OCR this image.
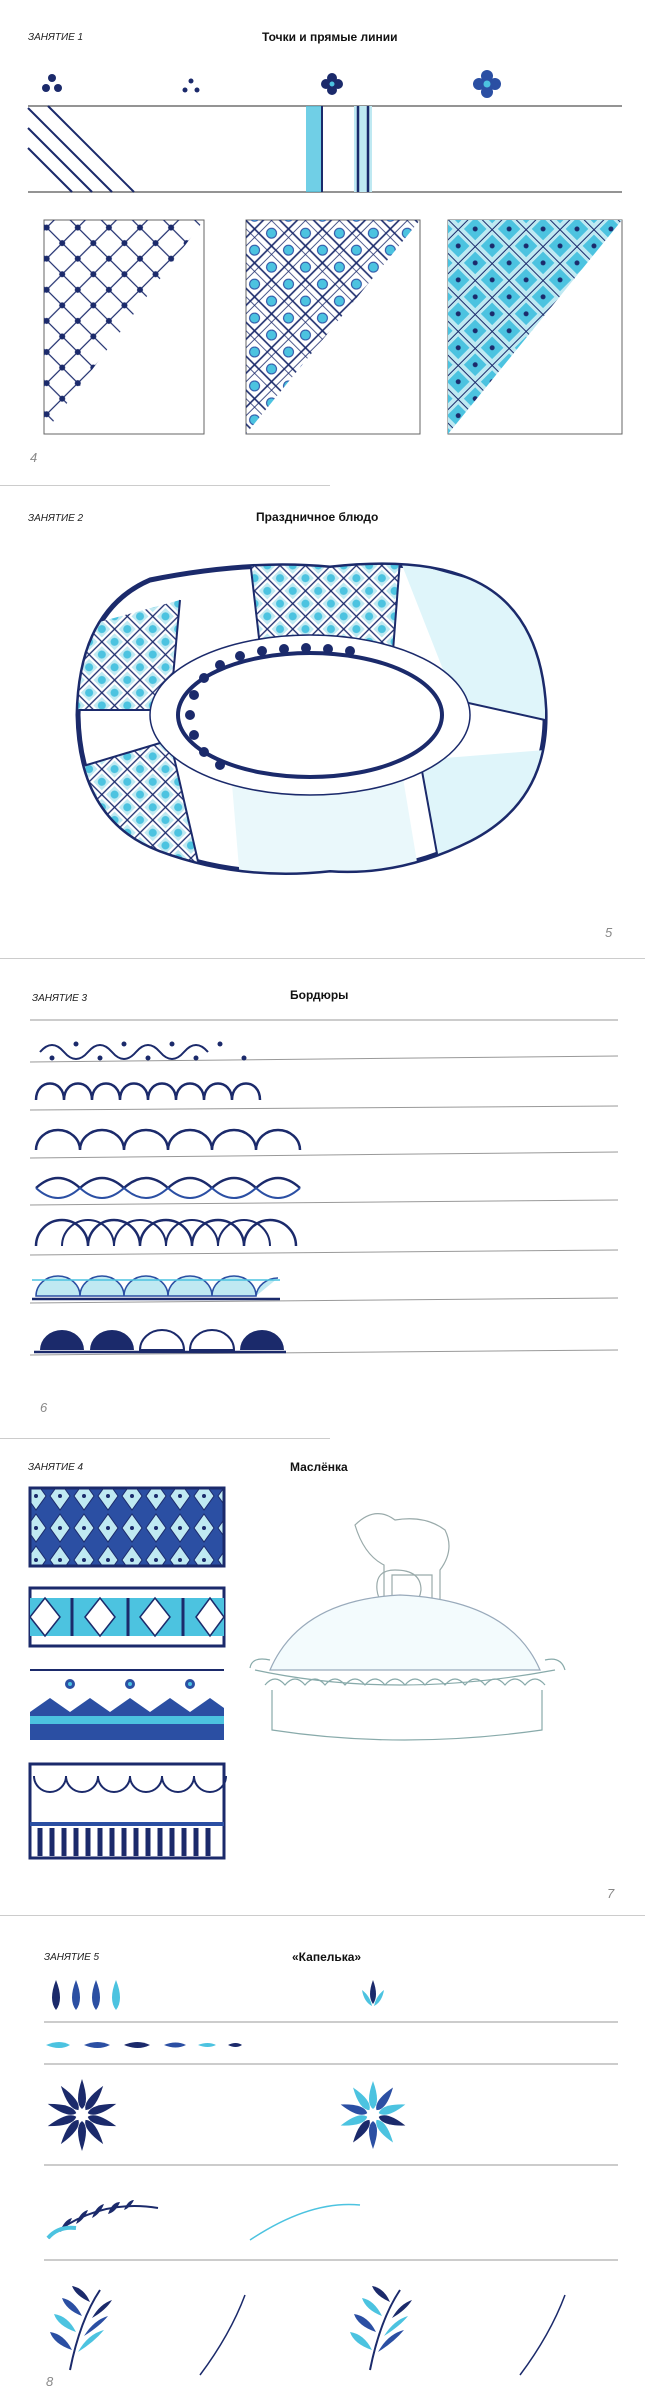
ЗАНЯТИЕ 1	Точки и прямые линии
4
ЗАНЯТИЕ 2	Праздничное блюдо
5
ЗАНЯТИЕ 3	Бордюры
6
ЗАНЯТИЕ 4	Маслёнка
7
ЗАНЯТИЕ 5	«Капелька»
8
